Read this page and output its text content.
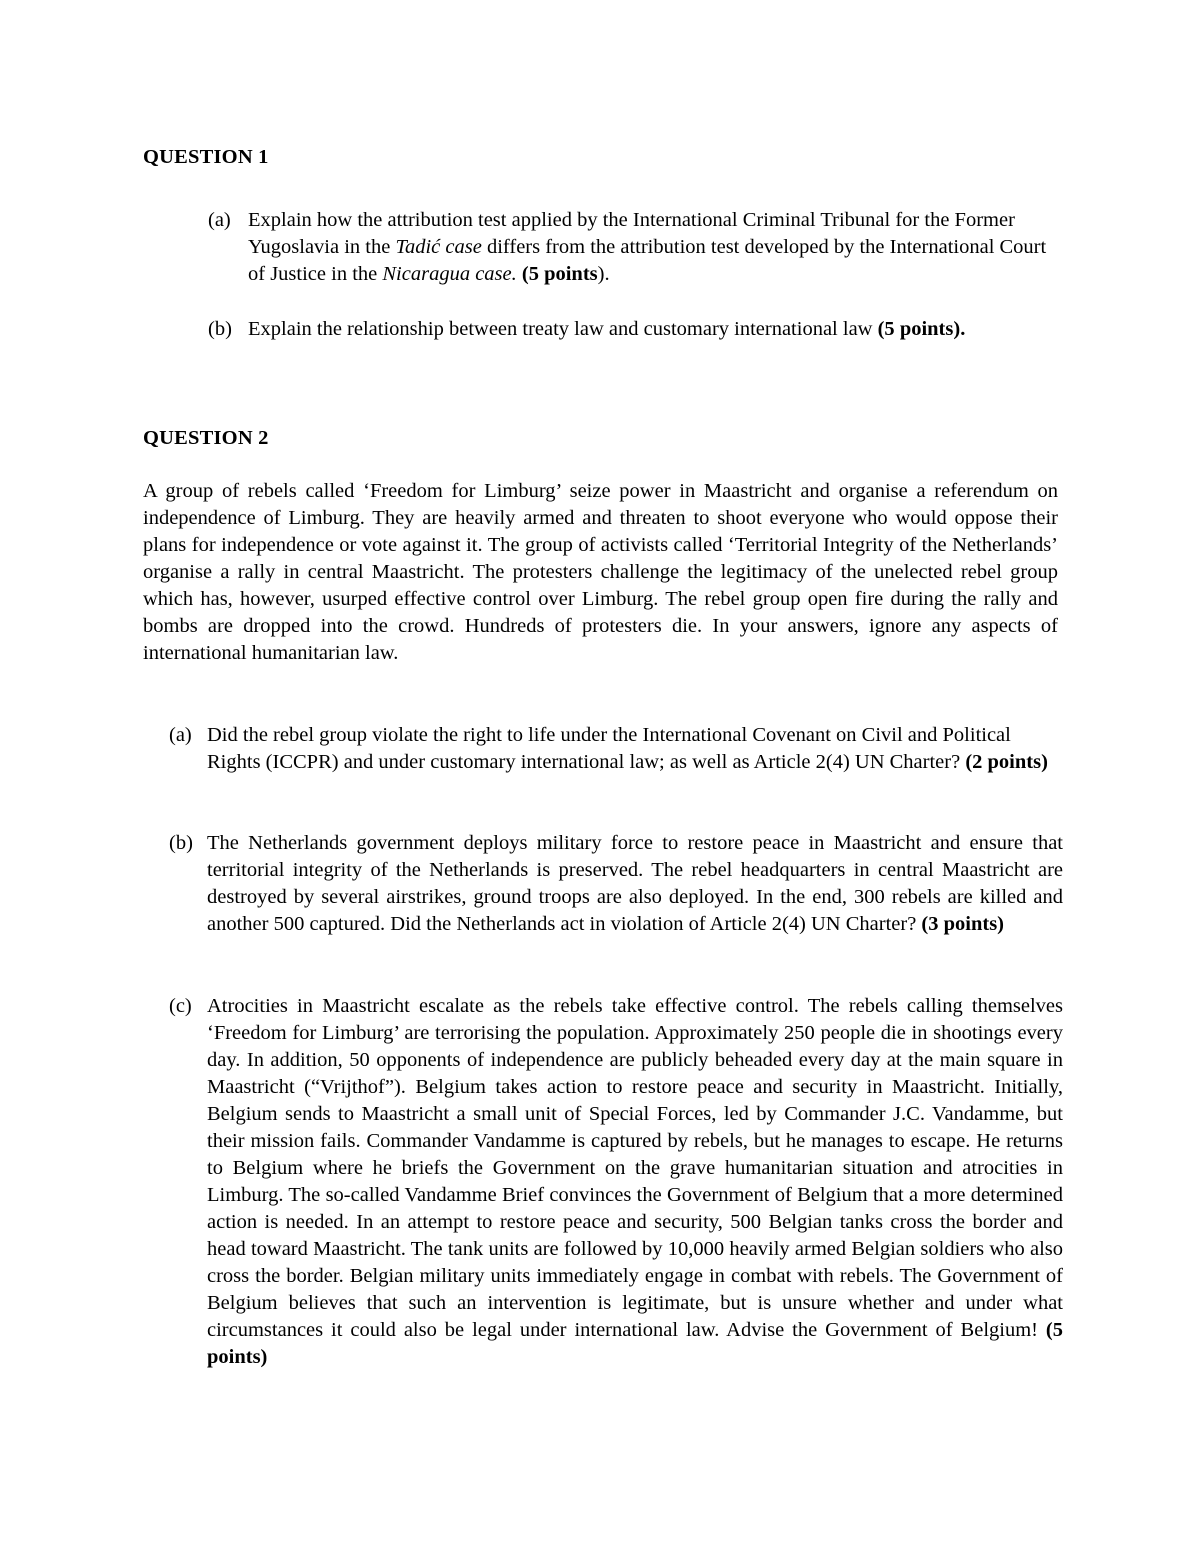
QUESTION 1
(a) Explain how the attribution test applied by the International Criminal Tribunal for the Former Yugoslavia in the Tadić case differs from the attribution test developed by the International Court of Justice in the Nicaragua case. (5 points).
(b) Explain the relationship between treaty law and customary international law (5 points).
QUESTION 2
A group of rebels called ‘Freedom for Limburg’ seize power in Maastricht and organise a referendum on independence of Limburg. They are heavily armed and threaten to shoot everyone who would oppose their plans for independence or vote against it. The group of activists called ‘Territorial Integrity of the Netherlands’ organise a rally in central Maastricht. The protesters challenge the legitimacy of the unelected rebel group which has, however, usurped effective control over Limburg. The rebel group open fire during the rally and bombs are dropped into the crowd. Hundreds of protesters die. In your answers, ignore any aspects of international humanitarian law.
(a) Did the rebel group violate the right to life under the International Covenant on Civil and Political Rights (ICCPR) and under customary international law; as well as Article 2(4) UN Charter? (2 points)
(b) The Netherlands government deploys military force to restore peace in Maastricht and ensure that territorial integrity of the Netherlands is preserved. The rebel headquarters in central Maastricht are destroyed by several airstrikes, ground troops are also deployed. In the end, 300 rebels are killed and another 500 captured. Did the Netherlands act in violation of Article 2(4) UN Charter? (3 points)
(c) Atrocities in Maastricht escalate as the rebels take effective control. The rebels calling themselves ‘Freedom for Limburg’ are terrorising the population. Approximately 250 people die in shootings every day. In addition, 50 opponents of independence are publicly beheaded every day at the main square in Maastricht (“Vrijthof”). Belgium takes action to restore peace and security in Maastricht. Initially, Belgium sends to Maastricht a small unit of Special Forces, led by Commander J.C. Vandamme, but their mission fails. Commander Vandamme is captured by rebels, but he manages to escape. He returns to Belgium where he briefs the Government on the grave humanitarian situation and atrocities in Limburg. The so-called Vandamme Brief convinces the Government of Belgium that a more determined action is needed. In an attempt to restore peace and security, 500 Belgian tanks cross the border and head toward Maastricht. The tank units are followed by 10,000 heavily armed Belgian soldiers who also cross the border. Belgian military units immediately engage in combat with rebels. The Government of Belgium believes that such an intervention is legitimate, but is unsure whether and under what circumstances it could also be legal under international law. Advise the Government of Belgium! (5 points)
